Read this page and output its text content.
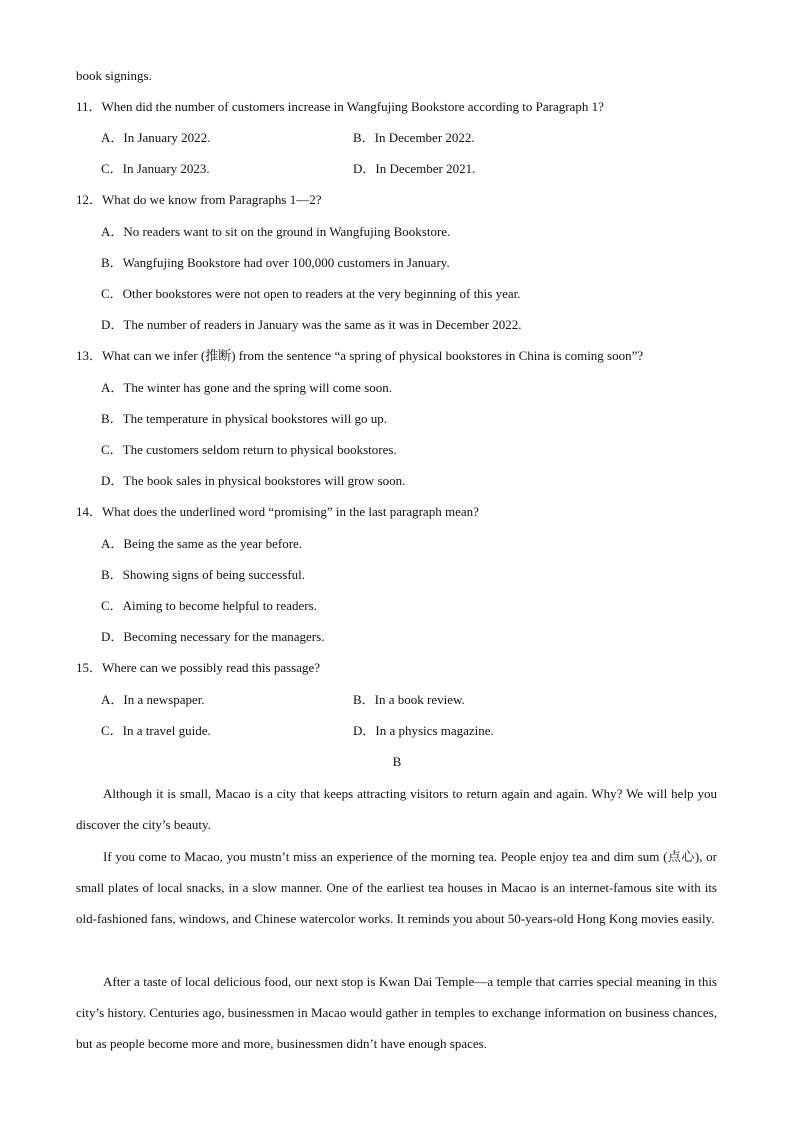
book signings.
11．When did the number of customers increase in Wangfujing Bookstore according to Paragraph 1?
A．In January 2022.	B．In December 2022.
C．In January 2023.	D．In December 2021.
12．What do we know from Paragraphs 1—2?
A．No readers want to sit on the ground in Wangfujing Bookstore.
B．Wangfujing Bookstore had over 100,000 customers in January.
C．Other bookstores were not open to readers at the very beginning of this year.
D．The number of readers in January was the same as it was in December 2022.
13．What can we infer (推断) from the sentence “a spring of physical bookstores in China is coming soon”?
A．The winter has gone and the spring will come soon.
B．The temperature in physical bookstores will go up.
C．The customers seldom return to physical bookstores.
D．The book sales in physical bookstores will grow soon.
14．What does the underlined word “promising” in the last paragraph mean?
A．Being the same as the year before.
B．Showing signs of being successful.
C．Aiming to become helpful to readers.
D．Becoming necessary for the managers.
15．Where can we possibly read this passage?
A．In a newspaper.	B．In a book review.
C．In a travel guide.	D．In a physics magazine.
B
Although it is small, Macao is a city that keeps attracting visitors to return again and again. Why? We will help you discover the city’s beauty.
If you come to Macao, you mustn’t miss an experience of the morning tea. People enjoy tea and dim sum (点心), or small plates of local snacks, in a slow manner. One of the earliest tea houses in Macao is an internet-famous site with its old-fashioned fans, windows, and Chinese watercolor works. It reminds you about 50-years-old Hong Kong movies easily.
After a taste of local delicious food, our next stop is Kwan Dai Temple—a temple that carries special meaning in this city’s history. Centuries ago, businessmen in Macao would gather in temples to exchange information on business chances, but as people become more and more, businessmen didn’t have enough spaces.
